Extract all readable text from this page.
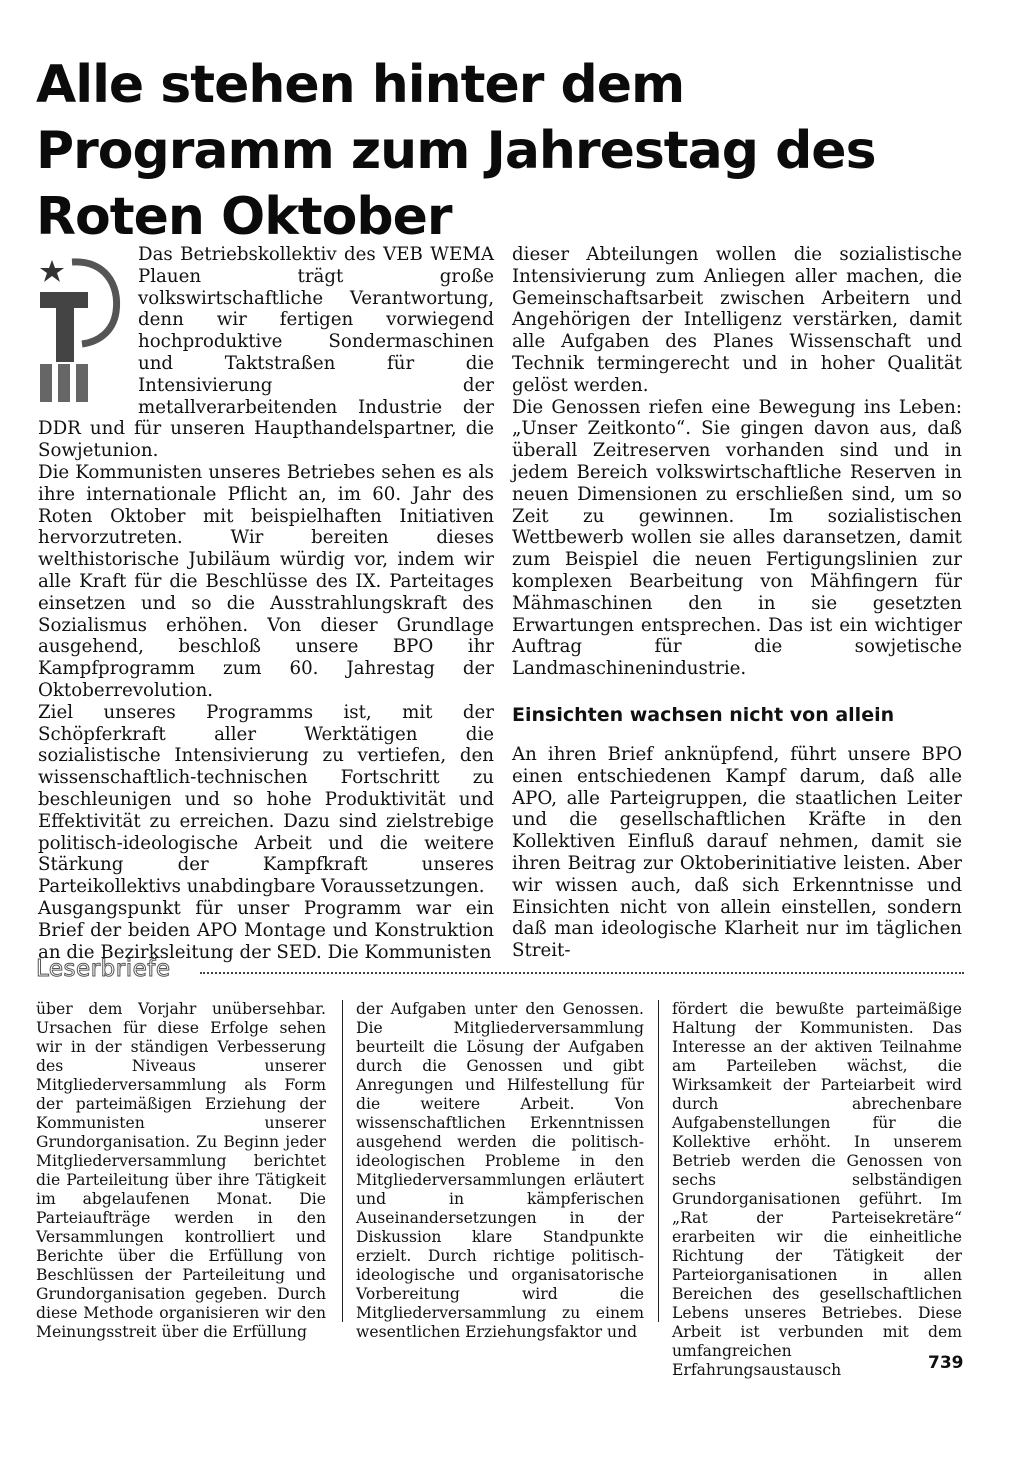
Alle stehen hinter dem Programm zum Jahrestag des Roten Oktober

Das Betriebskollektiv des VEB WEMA Plauen trägt große volkswirtschaftliche Verantwortung, denn wir fertigen vorwiegend hochproduktive Sondermaschinen und Taktstraßen für die Intensivierung der metallverarbeitenden Industrie der DDR und für unseren Haupthandelspartner, die Sowjetunion.

Die Kommunisten unseres Betriebes sehen es als ihre internationale Pflicht an, im 60. Jahr des Roten Oktober mit beispielhaften Initiativen hervorzutreten. Wir bereiten dieses welthistorische Jubiläum würdig vor, indem wir alle Kraft für die Beschlüsse des IX. Parteitages einsetzen und so die Ausstrahlungskraft des Sozialismus erhöhen. Von dieser Grundlage ausgehend, beschloß unsere BPO ihr Kampfprogramm zum 60. Jahrestag der Oktoberrevolution.

Ziel unseres Programms ist, mit der Schöpferkraft aller Werktätigen die sozialistische Intensivierung zu vertiefen, den wissenschaftlich-technischen Fortschritt zu beschleunigen und so hohe Produktivität und Effektivität zu erreichen. Dazu sind zielstrebige politisch-ideologische Arbeit und die weitere Stärkung der Kampfkraft unseres Parteikollektivs unabdingbare Voraussetzungen.

Ausgangspunkt für unser Programm war ein Brief der beiden APO Montage und Konstruktion an die Bezirksleitung der SED. Die Kommunisten

dieser Abteilungen wollen die sozialistische Intensivierung zum Anliegen aller machen, die Gemeinschaftsarbeit zwischen Arbeitern und Angehörigen der Intelligenz verstärken, damit alle Aufgaben des Planes Wissenschaft und Technik termingerecht und in hoher Qualität gelöst werden.

Die Genossen riefen eine Bewegung ins Leben: „Unser Zeitkonto“. Sie gingen davon aus, daß überall Zeitreserven vorhanden sind und in jedem Bereich volkswirtschaftliche Reserven in neuen Dimensionen zu erschließen sind, um so Zeit zu gewinnen. Im sozialistischen Wettbewerb wollen sie alles daransetzen, damit zum Beispiel die neuen Fertigungslinien zur komplexen Bearbeitung von Mähfingern für Mähmaschinen den in sie gesetzten Erwartungen entsprechen. Das ist ein wichtiger Auftrag für die sowjetische Landmaschinenindustrie.

Einsichten wachsen nicht von allein

An ihren Brief anknüpfend, führt unsere BPO einen entschiedenen Kampf darum, daß alle APO, alle Parteigruppen, die staatlichen Leiter und die gesellschaftlichen Kräfte in den Kollektiven Einfluß darauf nehmen, damit sie ihren Beitrag zur Oktoberinitiative leisten. Aber wir wissen auch, daß sich Erkenntnisse und Einsichten nicht von allein einstellen, sondern daß man ideologische Klarheit nur im täglichen Streit-

Leserbriefe

über dem Vorjahr unübersehbar. Ursachen für diese Erfolge sehen wir in der ständigen Verbesserung des Niveaus unserer Mitgliederversammlung als Form der parteimäßigen Erziehung der Kommunisten unserer Grundorganisation. Zu Beginn jeder Mitgliederversammlung berichtet die Parteileitung über ihre Tätigkeit im abgelaufenen Monat. Die Parteiaufträge werden in den Versammlungen kontrolliert und Berichte über die Erfüllung von Beschlüssen der Parteileitung und Grundorganisation gegeben. Durch diese Methode organisieren wir den Meinungsstreit über die Erfüllung

der Aufgaben unter den Genossen. Die Mitgliederversammlung beurteilt die Lösung der Aufgaben durch die Genossen und gibt Anregungen und Hilfestellung für die weitere Arbeit. Von wissenschaftlichen Erkenntnissen ausgehend werden die politisch-ideologischen Probleme in den Mitgliederversammlungen erläutert und in kämpferischen Auseinandersetzungen in der Diskussion klare Standpunkte erzielt. Durch richtige politisch-ideologische und organisatorische Vorbereitung wird die Mitgliederversammlung zu einem wesentlichen Erziehungsfaktor und

fördert die bewußte parteimäßige Haltung der Kommunisten. Das Interesse an der aktiven Teilnahme am Parteileben wächst, die Wirksamkeit der Parteiarbeit wird durch abrechenbare Aufgabenstellungen für die Kollektive erhöht. In unserem Betrieb werden die Genossen von sechs selbständigen Grundorganisationen geführt. Im „Rat der Parteisekretäre“ erarbeiten wir die einheitliche Richtung der Tätigkeit der Parteiorganisationen in allen Bereichen des gesellschaftlichen Lebens unseres Betriebes. Diese Arbeit ist verbunden mit dem umfangreichen Erfahrungsaustausch	739
